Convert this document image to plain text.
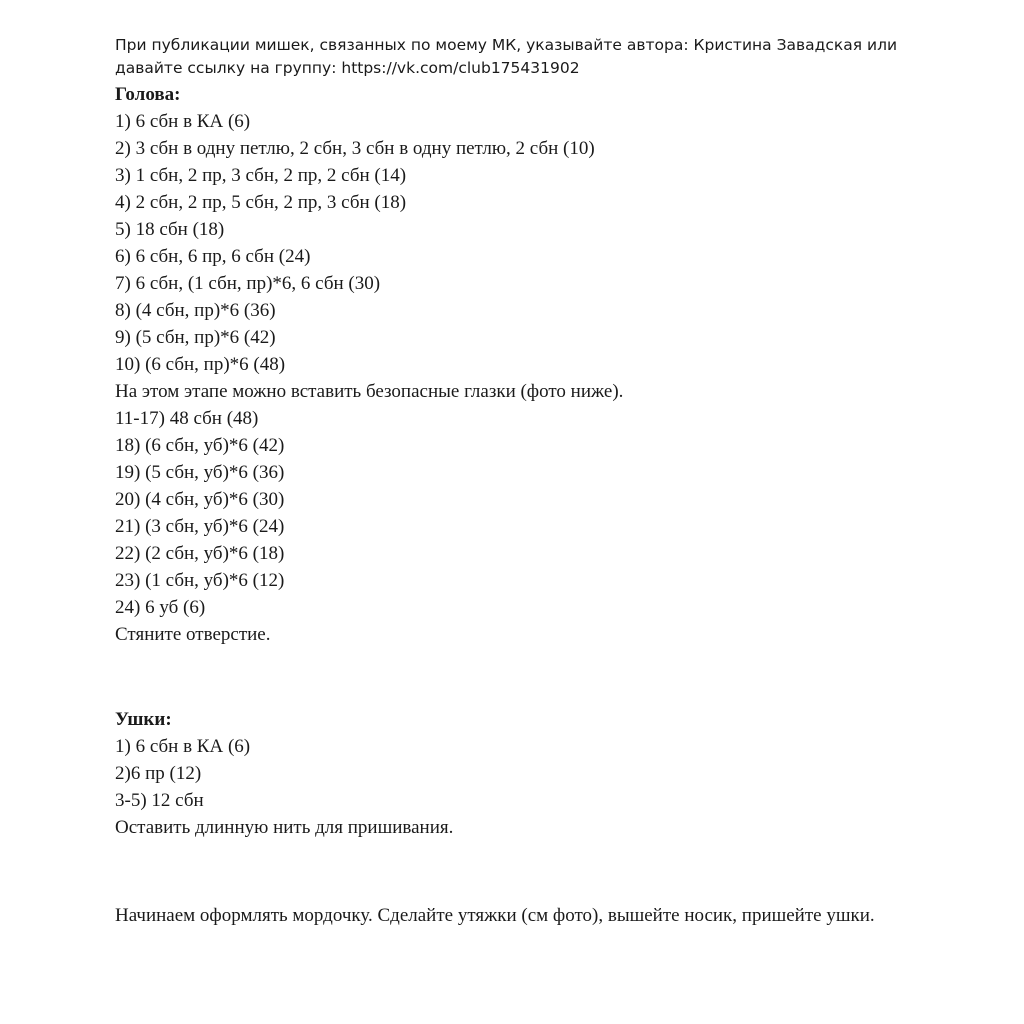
При публикации мишек, связанных по моему МК, указывайте автора: Кристина Завадская или

давайте ссылку на группу: https://vk.com/club175431902

Голова:

1) 6 сбн в КА (6)

2) 3 сбн в одну петлю, 2 сбн, 3 сбн в одну петлю, 2 сбн (10)

3) 1 сбн, 2 пр, 3 сбн, 2 пр, 2 сбн (14)

4) 2 сбн, 2 пр, 5 сбн, 2 пр, 3 сбн (18)

5) 18 сбн (18)

6) 6 сбн, 6 пр, 6 сбн (24)

7) 6 сбн, (1 сбн, пр)*6, 6 сбн (30)

8) (4 сбн, пр)*6 (36)

9) (5 сбн, пр)*6 (42)

10) (6 сбн, пр)*6 (48)

На этом этапе можно вставить безопасные глазки (фото ниже).

11-17) 48 сбн (48)

18) (6 сбн, уб)*6 (42)

19) (5 сбн, уб)*6 (36)

20) (4 сбн, уб)*6 (30)

21) (3 сбн, уб)*6 (24)

22) (2 сбн, уб)*6 (18)

23) (1 сбн, уб)*6 (12)

24) 6 уб (6)

Стяните отверстие.

Ушки:

1) 6 сбн в КА (6)

2)6 пр (12)

3-5) 12 сбн

Оставить длинную нить для пришивания.

Начинаем оформлять мордочку. Сделайте утяжки (см фото), вышейте носик, пришейте ушки.
